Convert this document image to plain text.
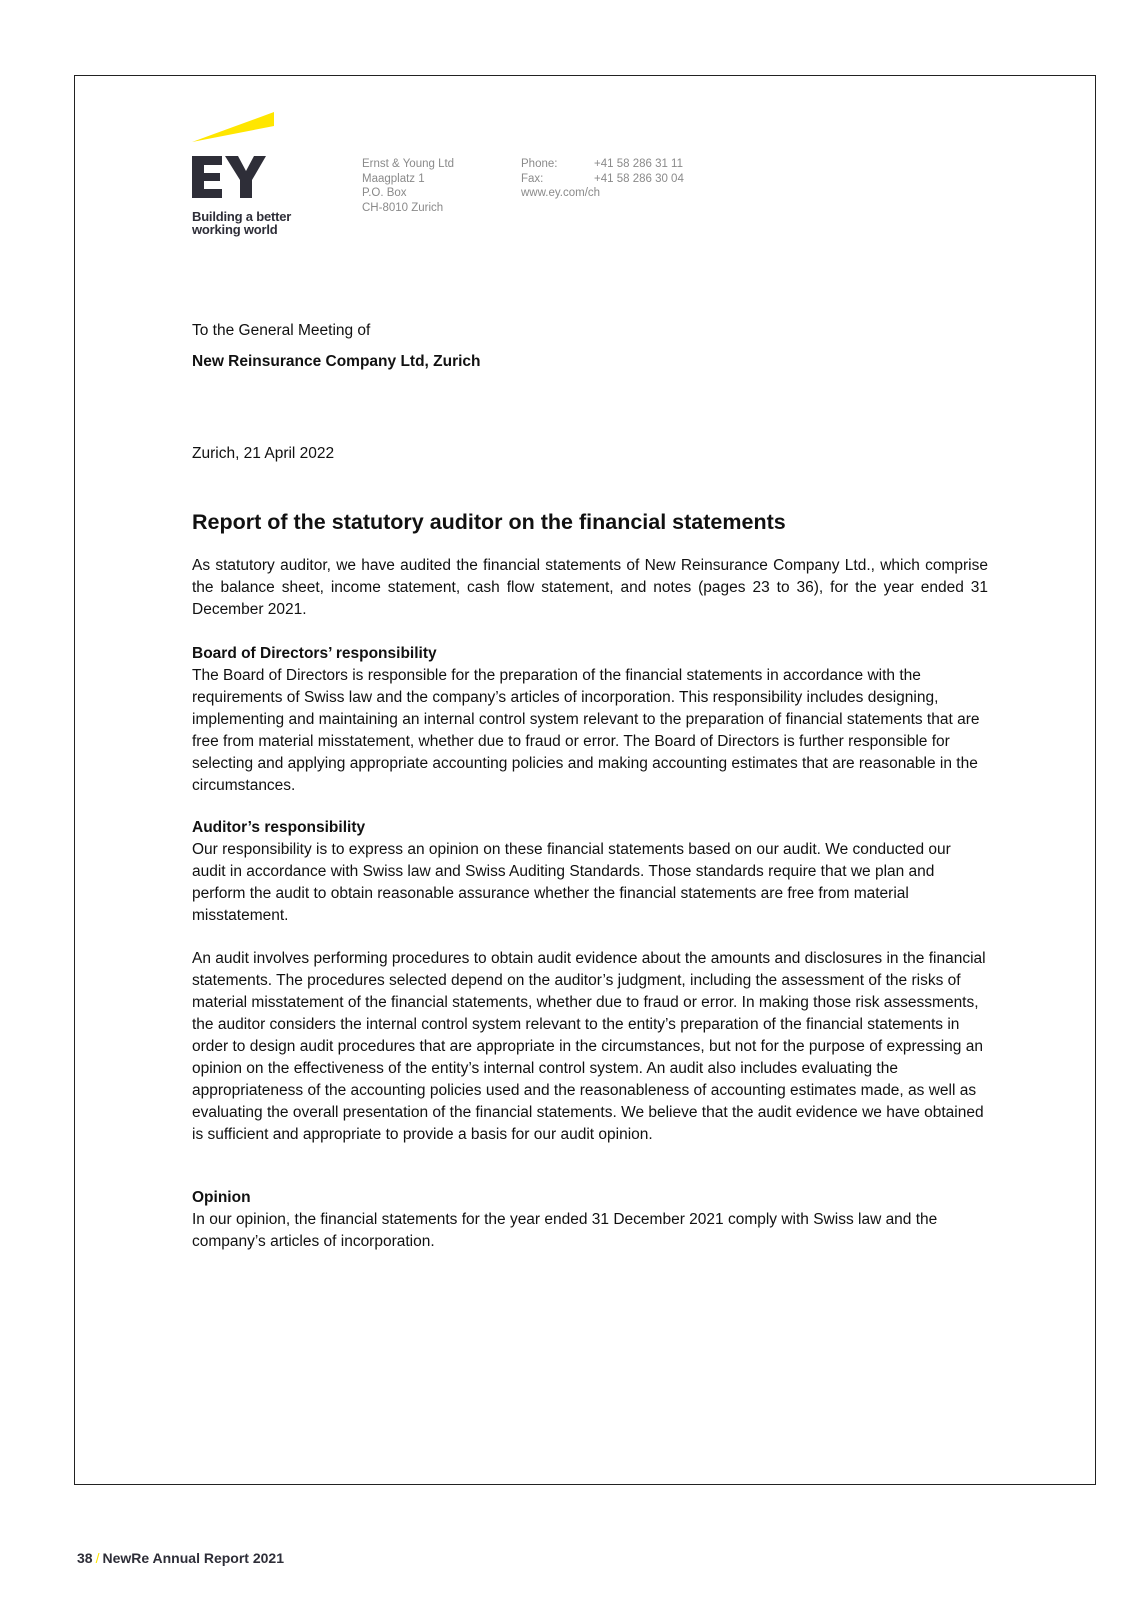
Building a better
working world
Ernst & Young Ltd
Maagplatz 1
P.O. Box
CH-8010 Zurich
Phone:	+41 58 286 31 11
Fax:	+41 58 286 30 04
www.ey.com/ch
To the General Meeting of
New Reinsurance Company Ltd, Zurich
Zurich, 21 April 2022
Report of the statutory auditor on the financial statements

As statutory auditor, we have audited the financial statements of New Reinsurance Company Ltd., which comprise the balance sheet, income statement, cash flow statement, and notes (pages 23 to 36), for the year ended 31 December 2021.

Board of Directors’ responsibility

The Board of Directors is responsible for the preparation of the financial statements in accordance with the requirements of Swiss law and the company’s articles of incorporation. This responsibility includes designing, implementing and maintaining an internal control system relevant to the preparation of financial statements that are free from material misstatement, whether due to fraud or error. The Board of Directors is further responsible for selecting and applying appropriate accounting policies and making accounting estimates that are reasonable in the circumstances.

Auditor’s responsibility

Our responsibility is to express an opinion on these financial statements based on our audit. We conducted our audit in accordance with Swiss law and Swiss Auditing Standards. Those standards require that we plan and perform the audit to obtain reasonable assurance whether the financial statements are free from material misstatement.

An audit involves performing procedures to obtain audit evidence about the amounts and disclosures in the financial statements. The procedures selected depend on the auditor’s judgment, including the assessment of the risks of material misstatement of the financial statements, whether due to fraud or error. In making those risk assessments, the auditor considers the internal control system relevant to the entity’s preparation of the financial statements in order to design audit procedures that are appropriate in the circumstances, but not for the purpose of expressing an opinion on the effectiveness of the entity’s internal control system. An audit also includes evaluating the appropriateness of the accounting policies used and the reasonableness of accounting estimates made, as well as evaluating the overall presentation of the financial statements. We believe that the audit evidence we have obtained is sufficient and appropriate to provide a basis for our audit opinion.

Opinion

In our opinion, the financial statements for the year ended 31 December 2021 comply with Swiss law and the company’s articles of incorporation.

38 / NewRe Annual Report 2021
